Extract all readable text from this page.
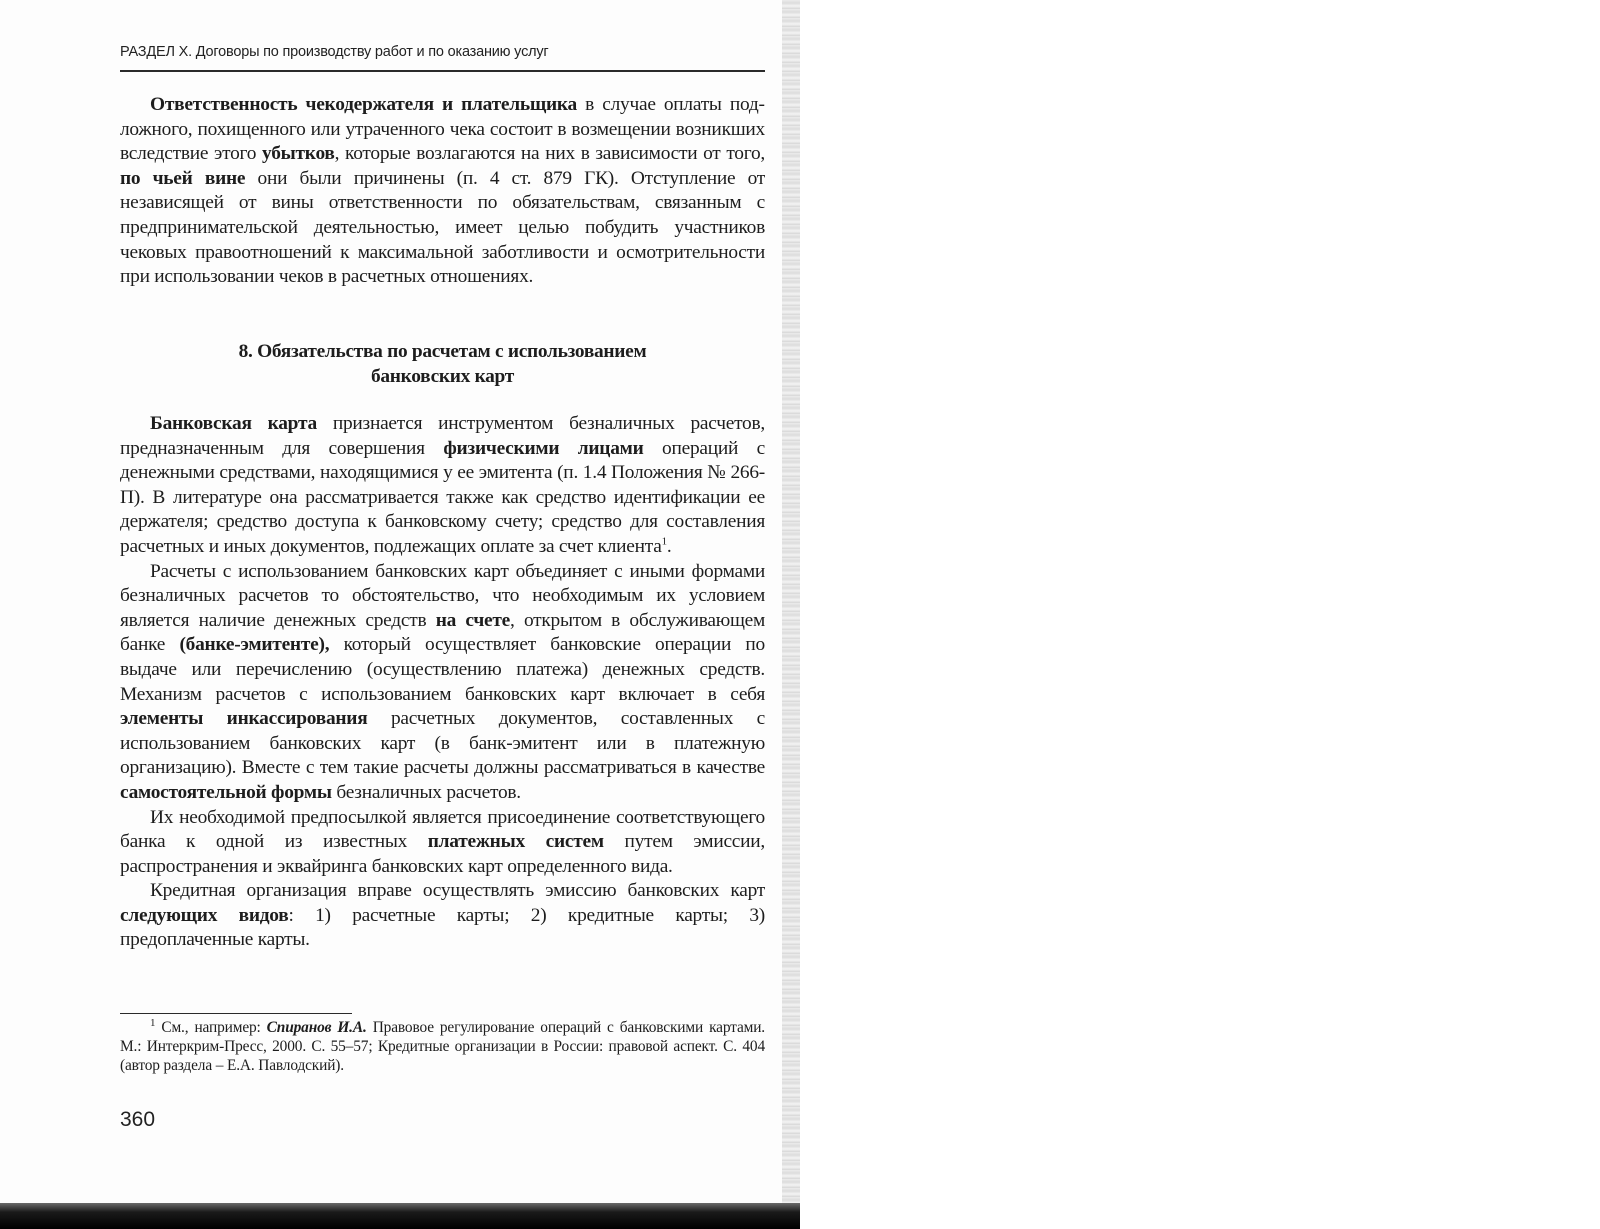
РАЗДЕЛ X. Договоры по производству работ и по оказанию услуг

Ответственность чекодержателя и плательщика в случае оплаты подложного, похищенного или утраченного чека состоит в возмещении возникших вследствие этого убытков, которые возлагаются на них в зависимости от того, по чьей вине они были причинены (п. 4 ст. 879 ГК). Отступление от независящей от вины ответственности по обязательствам, связанным с предпринимательской деятельностью, имеет целью побудить участников чековых правоотношений к максимальной заботливости и осмотрительности при использовании чеков в расчетных отношениях.

8. Обязательства по расчетам с использованием
банковских карт

Банковская карта признается инструментом безналичных расчетов, предназначенным для совершения физическими лицами операций с денежными средствами, находящимися у ее эмитента (п. 1.4 Положения № 266-П). В литературе она рассматривается также как средство идентификации ее держателя; средство доступа к банковскому счету; средство для составления расчетных и иных документов, подлежащих оплате за счет клиента$^1$.

Расчеты с использованием банковских карт объединяет с иными формами безналичных расчетов то обстоятельство, что необходимым их условием является наличие денежных средств на счете, открытом в обслуживающем банке (банке-эмитенте), который осуществляет банковские операции по выдаче или перечислению (осуществлению платежа) денежных средств. Механизм расчетов с использованием банковских карт включает в себя элементы инкассирования расчетных документов, составленных с использованием банковских карт (в банк-эмитент или в платежную организацию). Вместе с тем такие расчеты должны рассматриваться в качестве самостоятельной формы безналичных расчетов.

Их необходимой предпосылкой является присоединение соответствующего банка к одной из известных платежных систем путем эмиссии, распространения и эквайринга банковских карт определенного вида.

Кредитная организация вправе осуществлять эмиссию банковских карт следующих видов: 1) расчетные карты; 2) кредитные карты; 3) предоплаченные карты.

$^1$ См., например: Спиранов И.А. Правовое регулирование операций с банковскими картами. М.: Интеркрим-Пресс, 2000. С. 55–57; Кредитные организации в России: правовой аспект. С. 404 (автор раздела – Е.А. Павлодский).

360
